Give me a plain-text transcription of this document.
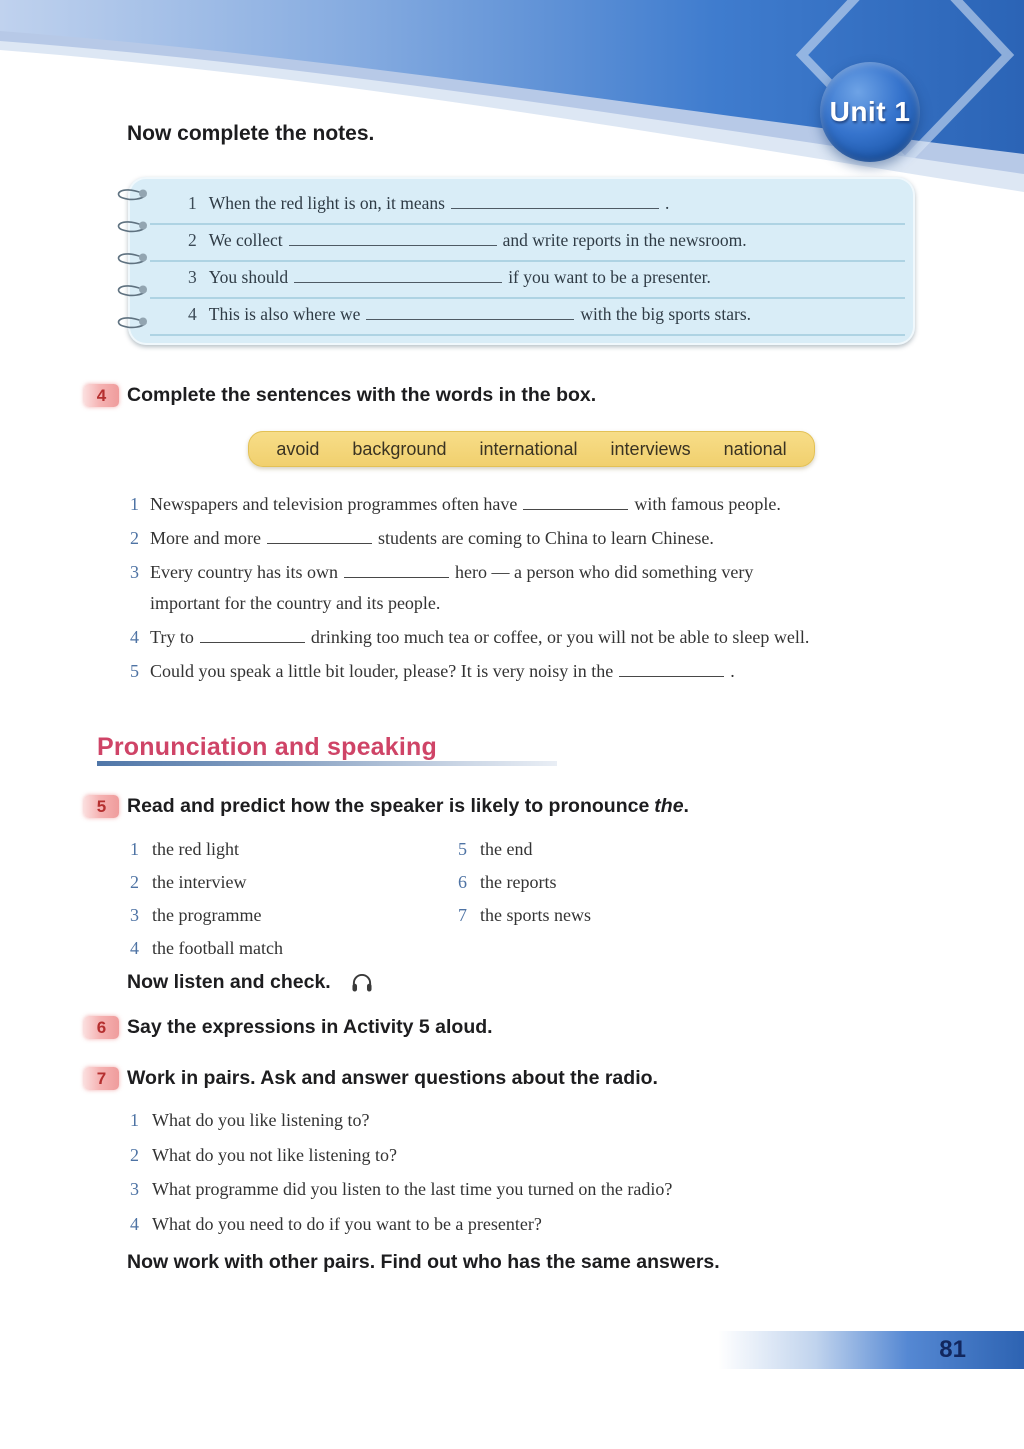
Unit 1
Now complete the notes.
1 When the red light is on, it means	.
2 We collect	and write reports in the newsroom.
3 You should	if you want to be a presenter.
4 This is also where we	with the big sports stars.
4	Complete the sentences with the words in the box.
avoid background international interviews national
1 Newspapers and television programmes often have	with famous people.
2 More and more	students are coming to China to learn Chinese.
3 Every country has its own	hero — a person who did something very
important for the country and its people.
4 Try to	drinking too much tea or coffee, or you will not be able to sleep well.
5 Could you speak a little bit louder, please? It is very noisy in the	.
Pronunciation and speaking
5	Read and predict how the speaker is likely to pronounce the.
1 the red light
2 the interview
3 the programme
4 the football match
5 the end
6 the reports
7 the sports news
Now listen and check.
6	Say the expressions in Activity 5 aloud.
7	Work in pairs. Ask and answer questions about the radio.
1 What do you like listening to?
2 What do you not like listening to?
3 What programme did you listen to the last time you turned on the radio?
4 What do you need to do if you want to be a presenter?
Now work with other pairs. Find out who has the same answers.
81
